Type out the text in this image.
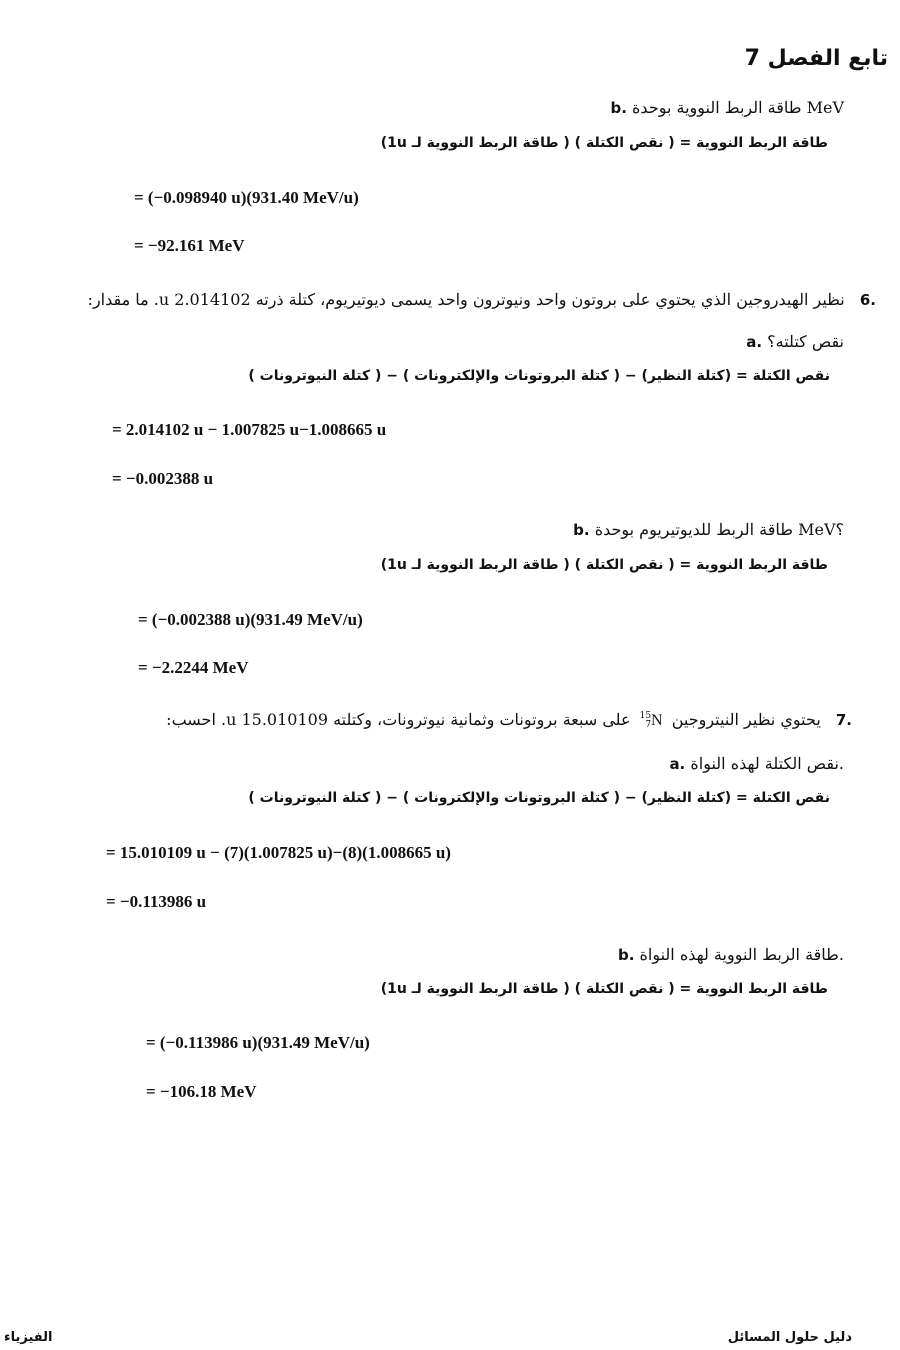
تابع الفصل 7
b. طاقة الربط النووية بوحدة MeV
طاقة الربط النووية = ( نقص الكتلة ) ( طاقة الربط النووية لـ 1u)
= (−0.098940 u)(931.40 MeV/u)
= −92.161 MeV
.6 نظير الهيدروجين الذي يحتوي على بروتون واحد ونيوترون واحد يسمى ديوتيريوم، كتلة ذرته 2.014102 u. ما مقدار:
a. نقص كتلته؟
نقص الكتلة = (كتلة النظير) − ( كتلة البروتونات والإلكترونات ) − ( كتلة النيوترونات )
= 2.014102 u − 1.007825 u−1.008665 u
= −0.002388 u
b. طاقة الربط للديوتيريوم بوحدة MeV؟
طاقة الربط النووية = ( نقص الكتلة ) ( طاقة الربط النووية لـ 1u)
= (−0.002388 u)(931.49 MeV/u)
= −2.2244 MeV
.7 يحتوي نظير النيتروجين
15
7 N على سبعة بروتونات وثمانية نيوترونات، وكتلته 15.010109 u. احسب:
a. نقص الكتلة لهذه النواة.
نقص الكتلة = (كتلة النظير) − ( كتلة البروتونات والإلكترونات ) − ( كتلة النيوترونات )
= 15.010109 u − (7)(1.007825 u)−(8)(1.008665 u)
= −0.113986 u
b. طاقة الربط النووية لهذه النواة.
طاقة الربط النووية = ( نقص الكتلة ) ( طاقة الربط النووية لـ 1u)
= (−0.113986 u)(931.49 MeV/u)
= −106.18 MeV
الفيزياء	دليل حلول المسائل
